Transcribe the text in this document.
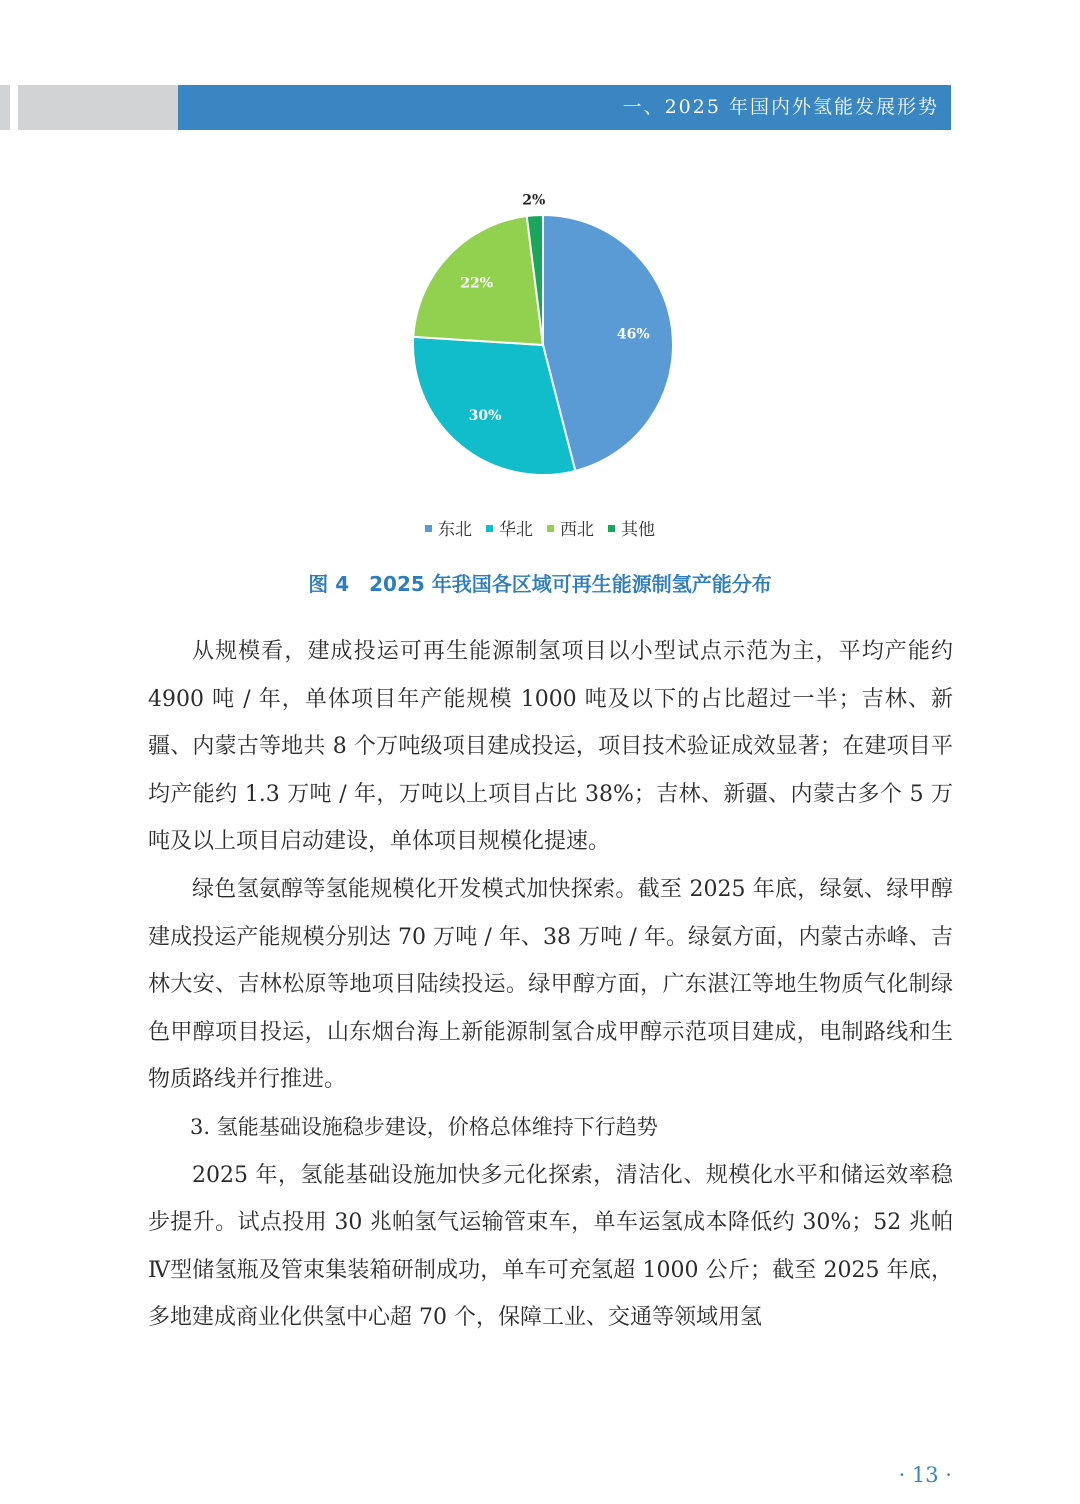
一、2025 年国内外氢能发展形势
46%
30%
22%
2%
东北 华北 西北 其他
图 4　2025 年我国各区域可再生能源制氢产能分布

从规模看，建成投运可再生能源制氢项目以小型试点示范为主，平均产能约 4900 吨 / 年，单体项目年产能规模 1000 吨及以下的占比超过一半；吉林、新疆、内蒙古等地共 8 个万吨级项目建成投运，项目技术验证成效显著；在建项目平均产能约 1.3 万吨 / 年，万吨以上项目占比 38%；吉林、新疆、内蒙古多个 5 万吨及以上项目启动建设，单体项目规模化提速。

绿色氢氨醇等氢能规模化开发模式加快探索。截至 2025 年底，绿氨、绿甲醇建成投运产能规模分别达 70 万吨 / 年、38 万吨 / 年。绿氨方面，内蒙古赤峰、吉林大安、吉林松原等地项目陆续投运。绿甲醇方面，广东湛江等地生物质气化制绿色甲醇项目投运，山东烟台海上新能源制氢合成甲醇示范项目建成，电制路线和生物质路线并行推进。

3. 氢能基础设施稳步建设，价格总体维持下行趋势

2025 年，氢能基础设施加快多元化探索，清洁化、规模化水平和储运效率稳步提升。试点投用 30 兆帕氢气运输管束车，单车运氢成本降低约 30%；52 兆帕Ⅳ型储氢瓶及管束集装箱研制成功，单车可充氢超 1000 公斤；截至 2025 年底，多地建成商业化供氢中心超 70 个，保障工业、交通等领域用氢

· 13 ·
